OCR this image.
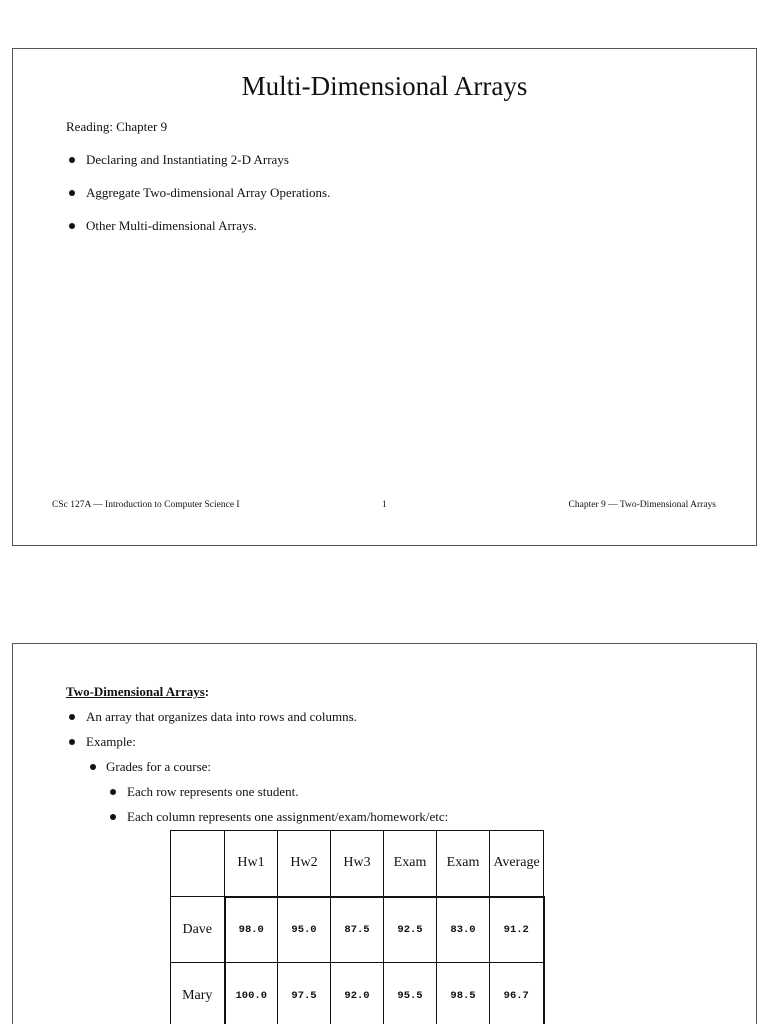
Multi-Dimensional Arrays
Reading: Chapter 9
Declaring and Instantiating 2-D Arrays
Aggregate Two-dimensional Array Operations.
Other Multi-dimensional Arrays.
CSc 127A — Introduction to Computer Science I	1	Chapter 9 — Two-Dimensional Arrays
Two-Dimensional Arrays:
An array that organizes data into rows and columns.
Example:
Grades for a course:
Each row represents one student.
Each column represents one assignment/exam/homework/etc:
	Hw1	Hw2	Hw3	Exam	Exam	Average
Dave	98.0	95.0	87.5	92.5	83.0	91.2
Mary	100.0	97.5	92.0	95.5	98.5	96.7
